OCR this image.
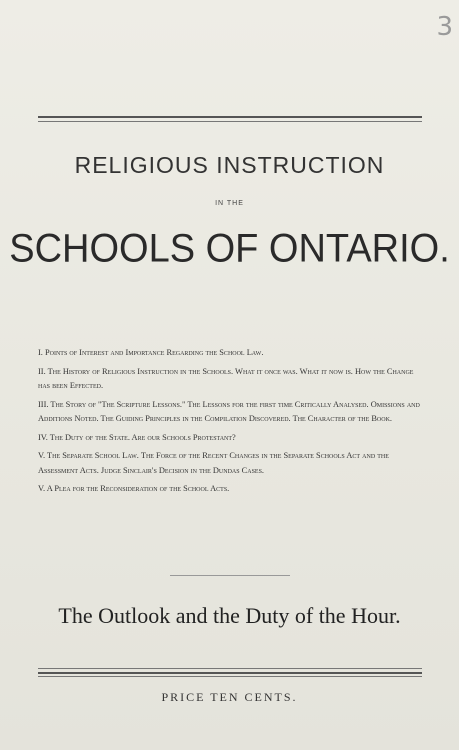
3
RELIGIOUS INSTRUCTION
IN THE
SCHOOLS OF ONTARIO.
I. Points of Interest and Importance Regarding the School Law.
II. The History of Religious Instruction in the Schools. What it once was. What it now is. How the Change has been Effected.
III. The Story of "The Scripture Lessons." The Lessons for the first time Critically Analysed. Omissions and Additions Noted. The Guiding Principles in the Compilation Discovered. The Character of the Book.
IV. The Duty of the State. Are our Schools Protestant?
V. The Separate School Law. The Force of the Recent Changes in the Separate Schools Act and the Assessment Acts. Judge Sinclair's Decision in the Dundas Cases.
V. A Plea for the Reconsideration of the School Acts.
The Outlook and the Duty of the Hour.
PRICE TEN CENTS.
